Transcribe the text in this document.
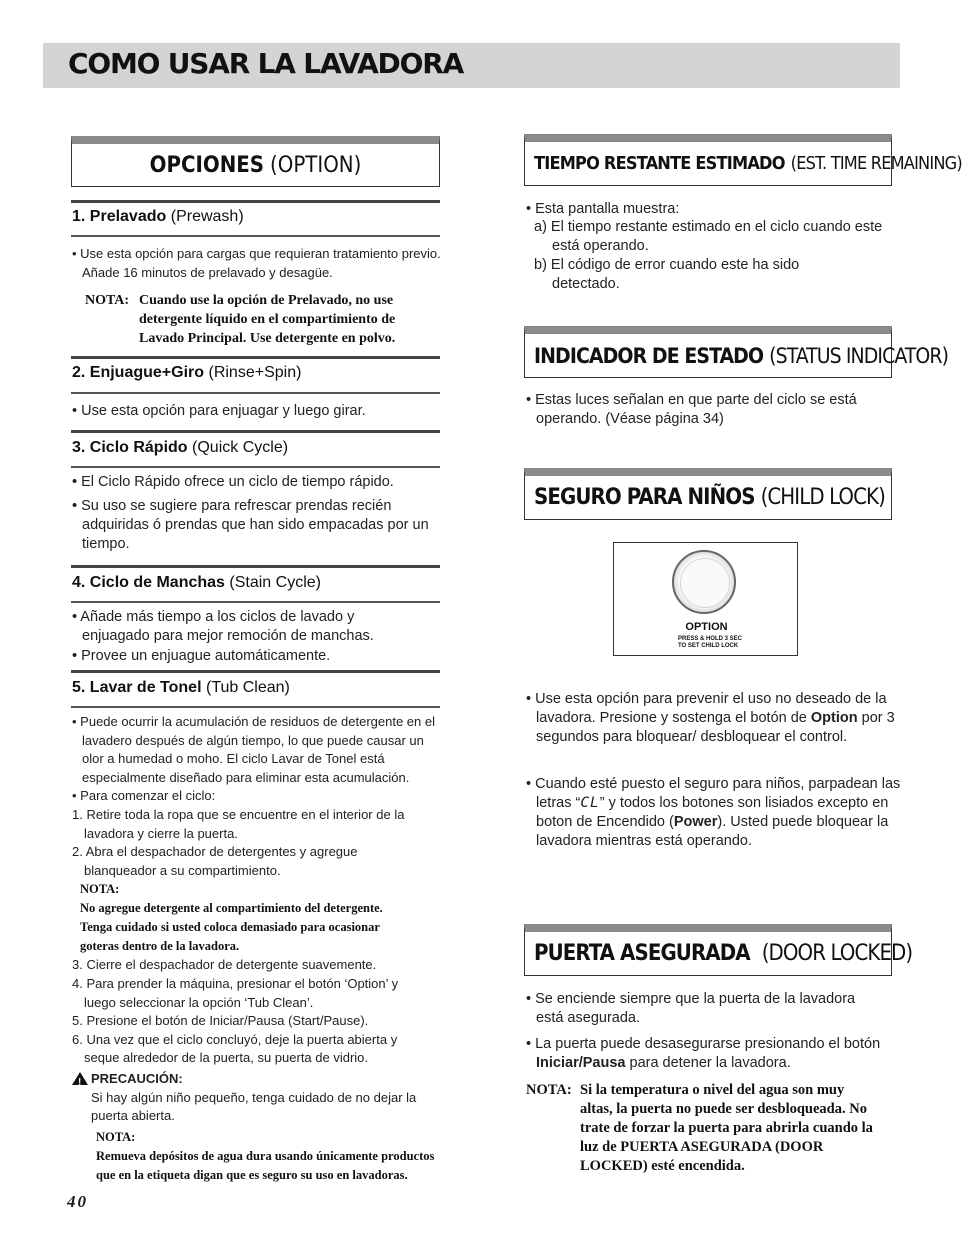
COMO USAR LA LAVADORA
OPCIONES (OPTION)
1. Prelavado (Prewash)

• Use esta opción para cargas que requieran tratamiento previo. Añade 16 minutos de prelavado y desagüe.

NOTA: Cuando use la opción de Prelavado, no use detergente líquido en el compartimiento de Lavado Principal. Use detergente en polvo.

2. Enjuague+Giro (Rinse+Spin)

• Use esta opción para enjuagar y luego girar.

3. Ciclo Rápido (Quick Cycle)

• El Ciclo Rápido ofrece un ciclo de tiempo rápido.

• Su uso se sugiere para refrescar prendas recién adquiridas ó prendas que han sido empacadas por un tiempo.

4. Ciclo de Manchas (Stain Cycle)

• Añade más tiempo a los ciclos de lavado y enjuagado para mejor remoción de manchas.

• Provee un enjuague automáticamente.

5. Lavar de Tonel (Tub Clean)

• Puede ocurrir la acumulación de residuos de detergente en el lavadero después de algún tiempo, lo que puede causar un olor a humedad o moho. El ciclo Lavar de Tonel está especialmente diseñado para eliminar esta acumulación.

• Para comenzar el ciclo:

1. Retire toda la ropa que se encuentre en el interior de la lavadora y cierre la puerta.

2. Abra el despachador de detergentes y agregue blanqueador a su compartimiento.

NOTA:

No agregue detergente al compartimiento del detergente.

Tenga cuidado si usted coloca demasiado para ocasionar goteras dentro de la lavadora.

3. Cierre el despachador de detergente suavemente.

4. Para prender la máquina, presionar el botón ‘Option’ y luego seleccionar la opción ‘Tub Clean’.

5. Presione el botón de Iniciar/Pausa (Start/Pause).

6. Una vez que el ciclo concluyó, deje la puerta abierta y seque alrededor de la puerta, su puerta de vidrio.

!PRECAUCIÓN:

Si hay algún niño pequeño, tenga cuidado de no dejar la puerta abierta.

NOTA:

Remueva depósitos de agua dura usando únicamente productos que en la etiqueta digan que es seguro su uso en lavadoras.

40
TIEMPO RESTANTE ESTIMADO (EST. TIME REMAINING)

• Esta pantalla muestra:

a) El tiempo restante estimado en el ciclo cuando este está operando.

b) El código de error cuando este ha sido detectado.

INDICADOR DE ESTADO (STATUS INDICATOR)

• Estas luces señalan en que parte del ciclo se está operando. (Véase página 34)

SEGURO PARA NIÑOS (CHILD LOCK)
OPTION
PRESS & HOLD 3 SEC
TO SET CHILD LOCK

• Use esta opción para prevenir el uso no deseado de la lavadora. Presione y sostenga el botón de Option por 3 segundos para bloquear/ desbloquear el control.

• Cuando esté puesto el seguro para niños, parpadean las letras “CL” y todos los botones son lisiados excepto en boton de Encendido (Power). Usted puede bloquear la lavadora mientras está operando.

PUERTA ASEGURADA (DOOR LOCKED)

• Se enciende siempre que la puerta de la lavadora está asegurada.

• La puerta puede desasegurarse presionando el botón Iniciar/Pausa para detener la lavadora.

NOTA: Si la temperatura o nivel del agua son muy altas, la puerta no puede ser desbloqueada. No trate de forzar la puerta para abrirla cuando la luz de PUERTA ASEGURADA (DOOR LOCKED) esté encendida.
